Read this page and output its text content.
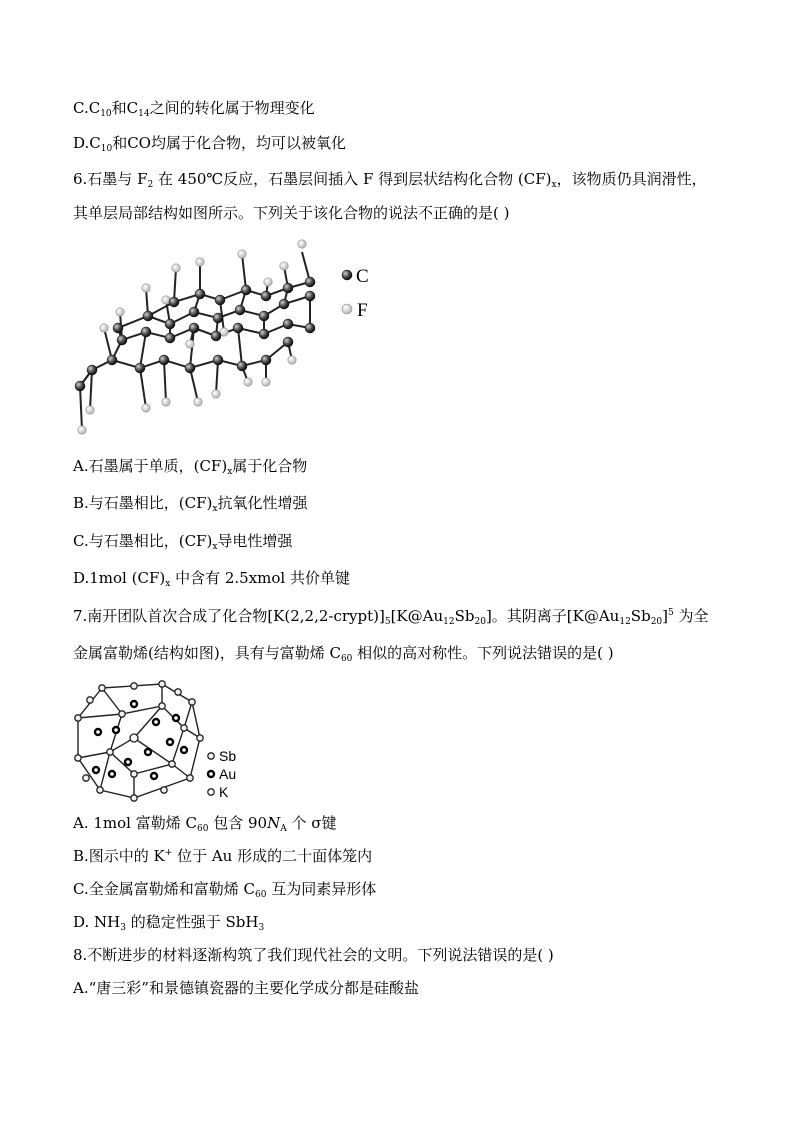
$C.C_{10}$和$C_{14}$之间的转化属于物理变化
$D.C_{10}$和CO均属于化合物，均可以被氧化
6.石墨与 $F_2$ 在 450℃反应，石墨层间插入 F 得到层状结构化合物 $(CF)_x$，该物质仍具润滑性，
其单层局部结构如图所示。下列关于该化合物的说法不正确的是( )
C
F
A.石墨属于单质，$(CF)_x$属于化合物
B.与石墨相比，$(CF)_x$抗氧化性增强
C.与石墨相比，$(CF)_x$导电性增强
D.1mol $(CF)_x$ 中含有 2.5xmol 共价单键
7.南开团队首次合成了化合物$[K(2,2,2-crypt)]_5[K@Au_{12}Sb_{20}]$。其阴离子$[K@Au_{12}Sb_{20}]^5$ 为全
金属富勒烯(结构如图)，具有与富勒烯 $C_{60}$ 相似的高对称性。下列说法错误的是( )
Sb
Au
K
A. 1mol 富勒烯 $C_{60}$ 包含 $90N_A$ 个 σ键
B.图示中的 K+ 位于 Au 形成的二十面体笼内
C.全金属富勒烯和富勒烯 $C_{60}$ 互为同素异形体
D. $NH_3$ 的稳定性强于 SbH$_3$
8.不断进步的材料逐渐构筑了我们现代社会的文明。下列说法错误的是( )
A.“唐三彩”和景德镇瓷器的主要化学成分都是硅酸盐
